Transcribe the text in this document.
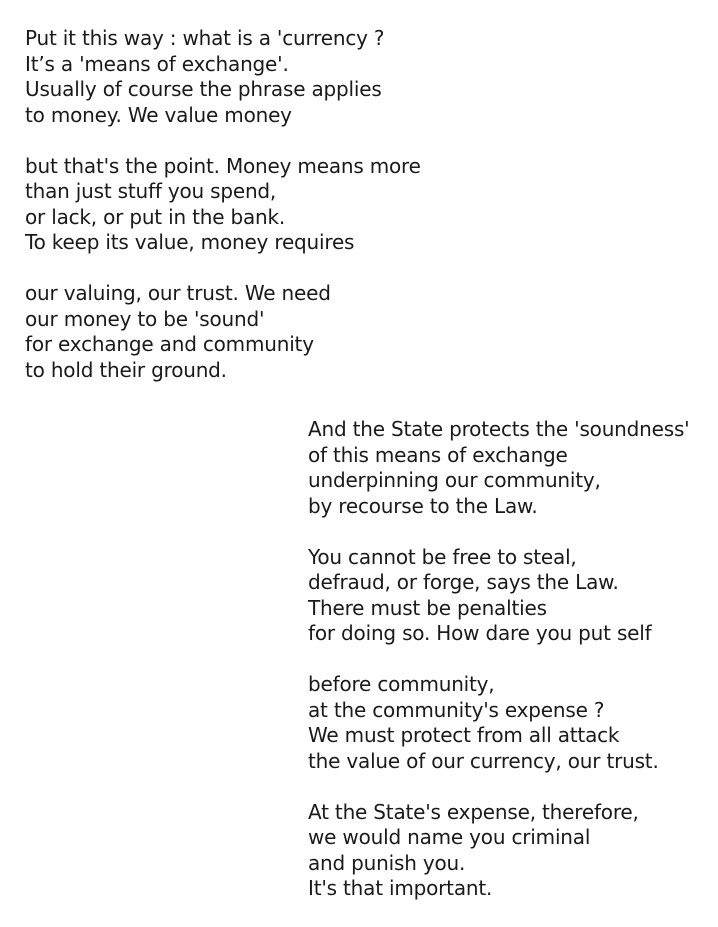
Put it this way : what is a 'currency ?
It’s a 'means of exchange'.
Usually of course the phrase applies
to money. We value money
but that's the point. Money means more
than just stuff you spend,
or lack, or put in the bank.
To keep its value, money requires
our valuing, our trust. We need
our money to be 'sound'
for exchange and community
to hold their ground.
And the State protects the 'soundness'
of this means of exchange
underpinning our community,
by recourse to the Law.
You cannot be free to steal,
defraud, or forge, says the Law.
There must be penalties
for doing so. How dare you put self
before community,
at the community's expense ?
We must protect from all attack
the value of our currency, our trust.
At the State's expense, therefore,
we would name you criminal
and punish you.
It's that important.
